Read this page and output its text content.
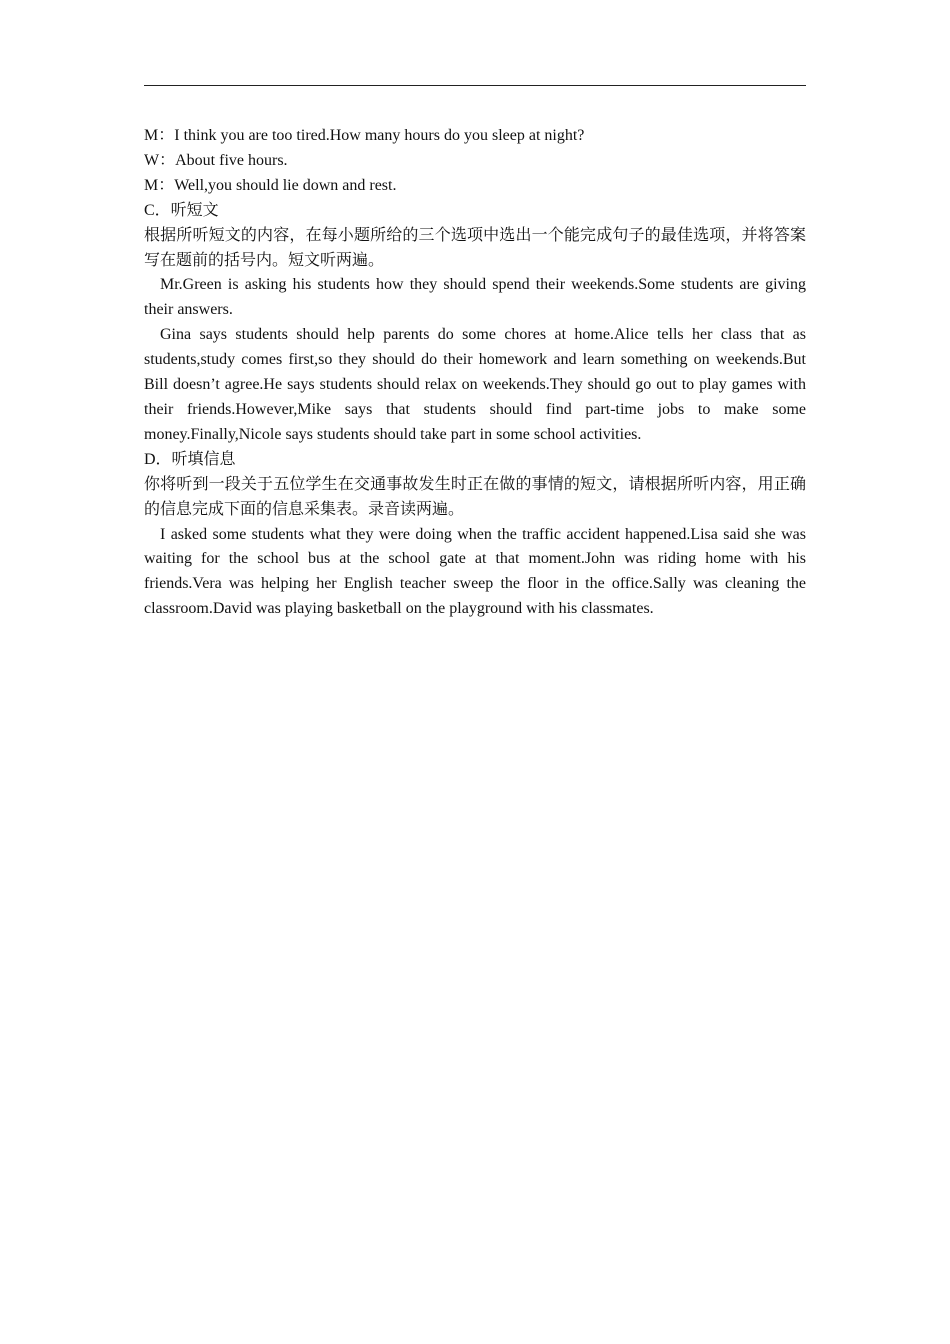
M：I think you are too tired.How many hours do you sleep at night?

W：About five hours.

M：Well,you should lie down and rest.

C．听短文

根据所听短文的内容，在每小题所给的三个选项中选出一个能完成句子的最佳选项，并将答案写在题前的括号内。短文听两遍。

Mr.Green is asking his students how they should spend their weekends.Some students are giving their answers.

Gina says students should help parents do some chores at home.Alice tells her class that as students,study comes first,so they should do their homework and learn something on weekends.But Bill doesn’t agree.He says students should relax on weekends.They should go out to play games with their friends.However,Mike says that students should find part-time jobs to make some money.Finally,Nicole says students should take part in some school activities.

D．听填信息

你将听到一段关于五位学生在交通事故发生时正在做的事情的短文，请根据所听内容，用正确的信息完成下面的信息采集表。录音读两遍。

I asked some students what they were doing when the traffic accident happened.Lisa said she was waiting for the school bus at the school gate at that moment.John was riding home with his friends.Vera was helping her English teacher sweep the floor in the office.Sally was cleaning the classroom.David was playing basketball on the playground with his classmates.
